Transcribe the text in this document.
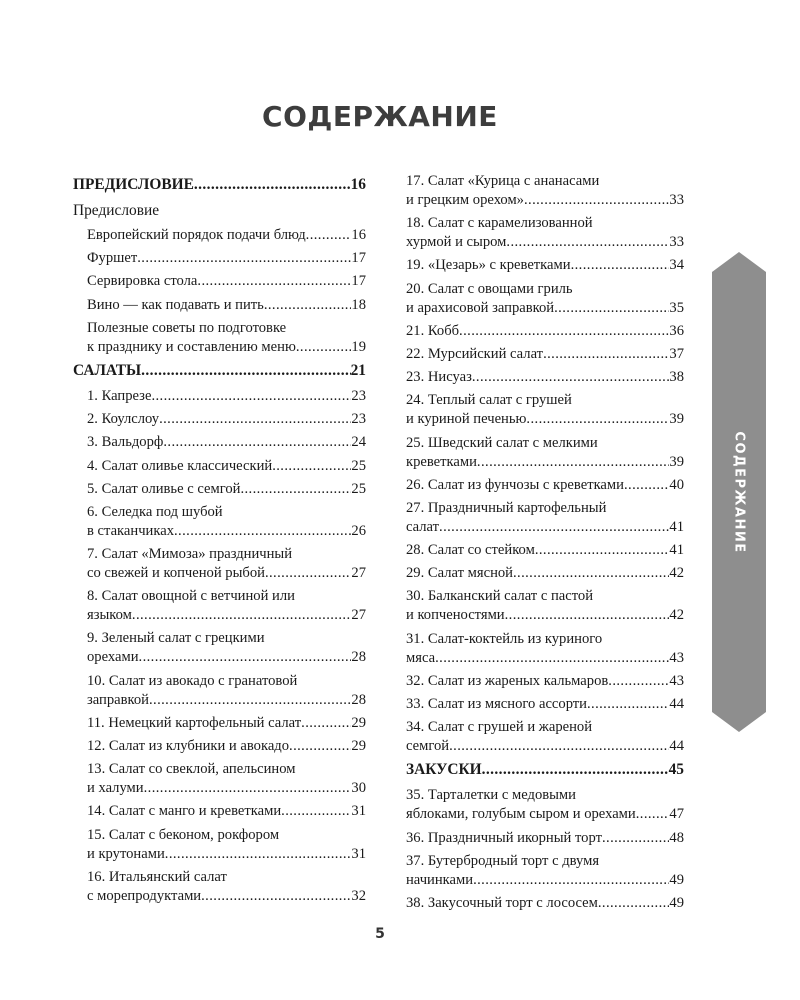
СОДЕРЖАНИЕ
ПРЕДИСЛОВИЕ .....	16
Предисловие
Европейский порядок подачи блюд .....	16
Фуршет .....	17
Сервировка стола .....	17
Вино — как подавать и пить .....	18
Полезные советы по подготовке
к празднику и составлению меню .....	19
САЛАТЫ .....	21
1. Капрезе .....	23
2. Коулслоу .....	23
3. Вальдорф .....	24
4. Салат оливье классический .....	25
5. Салат оливье с семгой .....	25
6. Селедка под шубой
в стаканчиках .....	26
7. Салат «Мимоза» праздничный
со свежей и копченой рыбой .....	27
8. Салат овощной с ветчиной или
языком .....	27
9. Зеленый салат с грецкими
орехами .....	28
10. Салат из авокадо с гранатовой
заправкой .....	28
11. Немецкий картофельный салат .....	29
12. Салат из клубники и авокадо .....	29
13. Салат со свеклой, апельсином
и халуми .....	30
14. Салат с манго и креветками .....	31
15. Салат с беконом, рокфором
и крутонами .....	31
16. Итальянский салат
с морепродуктами .....	32
17. Салат «Курица с ананасами
и грецким орехом» .....	33
18. Салат с карамелизованной
хурмой и сыром .....	33
19. «Цезарь» с креветками .....	34
20. Салат с овощами гриль
и арахисовой заправкой .....	35
21. Кобб .....	36
22. Мурсийский салат .....	37
23. Нисуаз .....	38
24. Теплый салат с грушей
и куриной печенью .....	39
25. Шведский салат с мелкими
креветками .....	39
26. Салат из фунчозы с креветками .....	40
27. Праздничный картофельный
салат .....	41
28. Салат со стейком .....	41
29. Салат мясной .....	42
30. Балканский салат с пастой
и копченостями .....	42
31. Салат-коктейль из куриного
мяса .....	43
32. Салат из жареных кальмаров .....	43
33. Салат из мясного ассорти .....	44
34. Салат с грушей и жареной
семгой .....	44
ЗАКУСКИ .....	45
35. Тарталетки с медовыми
яблоками, голубым сыром и орехами ..... 47
36. Праздничный икорный торт .....	48
37. Бутербродный торт с двумя
начинками .....	49
38. Закусочный торт с лососем .....	49
СОДЕРЖАНИЕ
5
